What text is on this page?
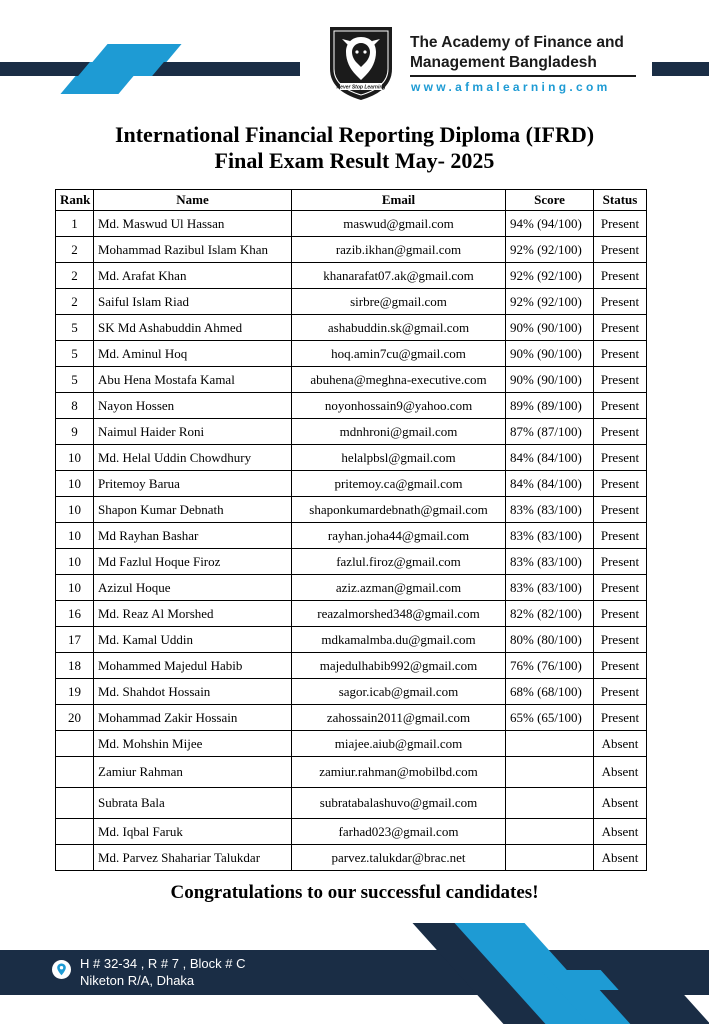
Never Stop Learning
The Academy of Finance and
Management Bangladesh
www.afmalearning.com
International Financial Reporting Diploma (IFRD)
Final Exam Result May- 2025
Rank	Name	Email	Score	Status
1	Md. Maswud Ul Hassan	maswud@gmail.com	94% (94/100)	Present
2	Mohammad Razibul Islam Khan	razib.ikhan@gmail.com	92% (92/100)	Present
2	Md. Arafat Khan	khanarafat07.ak@gmail.com	92% (92/100)	Present
2	Saiful Islam Riad	sirbre@gmail.com	92% (92/100)	Present
5	SK Md Ashabuddin Ahmed	ashabuddin.sk@gmail.com	90% (90/100)	Present
5	Md. Aminul Hoq	hoq.amin7cu@gmail.com	90% (90/100)	Present
5	Abu Hena Mostafa Kamal	abuhena@meghna-executive.com	90% (90/100)	Present
8	Nayon Hossen	noyonhossain9@yahoo.com	89% (89/100)	Present
9	Naimul Haider Roni	mdnhroni@gmail.com	87% (87/100)	Present
10	Md. Helal Uddin Chowdhury	helalpbsl@gmail.com	84% (84/100)	Present
10	Pritemoy Barua	pritemoy.ca@gmail.com	84% (84/100)	Present
10	Shapon Kumar Debnath	shaponkumardebnath@gmail.com	83% (83/100)	Present
10	Md Rayhan Bashar	rayhan.joha44@gmail.com	83% (83/100)	Present
10	Md Fazlul Hoque Firoz	fazlul.firoz@gmail.com	83% (83/100)	Present
10	Azizul Hoque	aziz.azman@gmail.com	83% (83/100)	Present
16	Md. Reaz Al Morshed	reazalmorshed348@gmail.com	82% (82/100)	Present
17	Md. Kamal Uddin	mdkamalmba.du@gmail.com	80% (80/100)	Present
18	Mohammed Majedul Habib	majedulhabib992@gmail.com	76% (76/100)	Present
19	Md. Shahdot Hossain	sagor.icab@gmail.com	68% (68/100)	Present
20	Mohammad Zakir Hossain	zahossain2011@gmail.com	65% (65/100)	Present
	Md. Mohshin Mijee	miajee.aiub@gmail.com		Absent
	Zamiur Rahman	zamiur.rahman@mobilbd.com		Absent
	Subrata Bala	subratabalashuvo@gmail.com		Absent
	Md. Iqbal Faruk	farhad023@gmail.com		Absent
	Md. Parvez Shahariar Talukdar	parvez.talukdar@brac.net		Absent
Congratulations to our successful candidates!
H # 32-34 , R # 7 , Block # C
Niketon R/A, Dhaka
